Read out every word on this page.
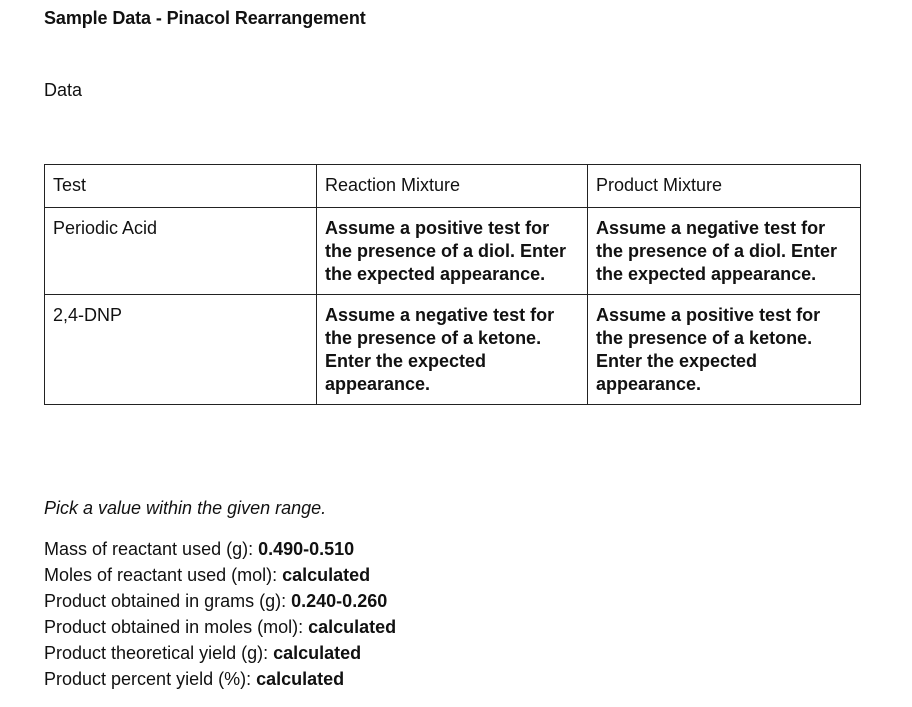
Sample Data - Pinacol Rearrangement
Data
Test	Reaction Mixture	Product Mixture
Periodic Acid	Assume a positive test for the presence of a diol. Enter the expected appearance.	Assume a negative test for the presence of a diol. Enter the expected appearance.
2,4-DNP	Assume a negative test for the presence of a ketone. Enter the expected appearance.	Assume a positive test for the presence of a ketone. Enter the expected appearance.
Pick a value within the given range.
Mass of reactant used (g): 0.490-0.510
Moles of reactant used (mol): calculated
Product obtained in grams (g): 0.240-0.260
Product obtained in moles (mol): calculated
Product theoretical yield (g): calculated
Product percent yield (%): calculated
